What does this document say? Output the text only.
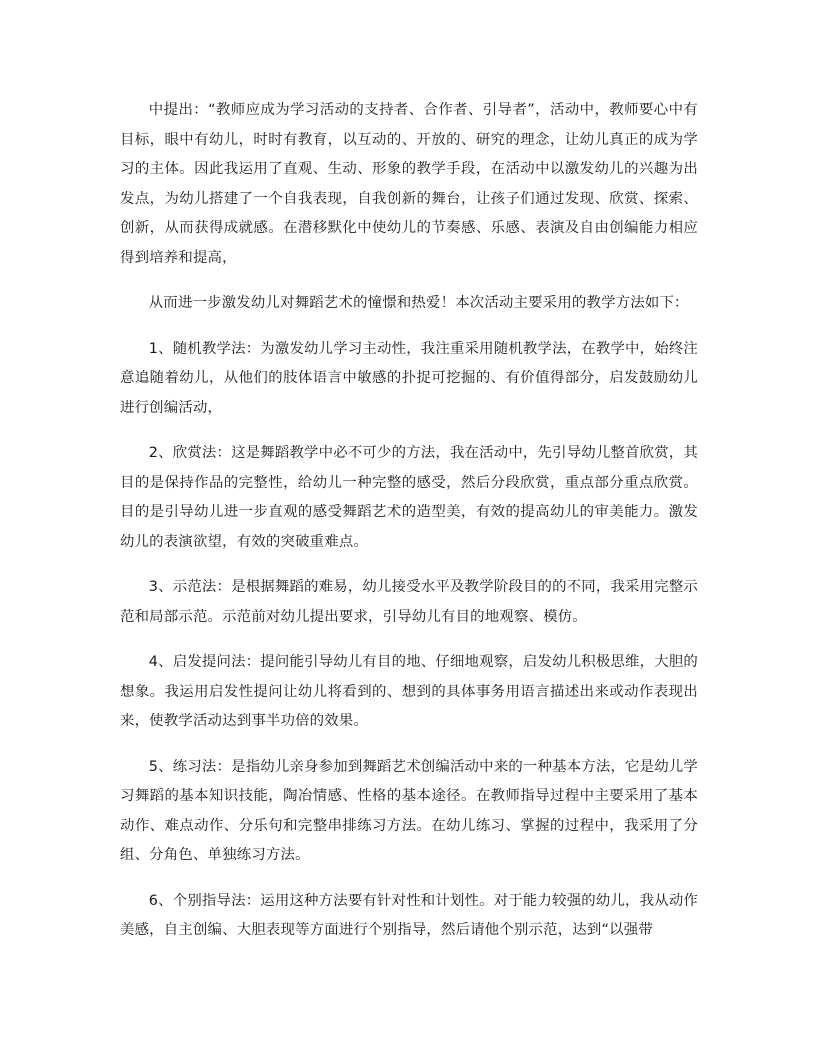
中提出：“教师应成为学习活动的支持者、合作者、引导者”，活动中，教师要心中有目标，眼中有幼儿，时时有教育，以互动的、开放的、研究的理念，让幼儿真正的成为学习的主体。因此我运用了直观、生动、形象的教学手段，在活动中以激发幼儿的兴趣为出发点，为幼儿搭建了一个自我表现，自我创新的舞台，让孩子们通过发现、欣赏、探索、创新，从而获得成就感。在潜移默化中使幼儿的节奏感、乐感、表演及自由创编能力相应得到培养和提高，

从而进一步激发幼儿对舞蹈艺术的憧憬和热爱！本次活动主要采用的教学方法如下：

1、随机教学法：为激发幼儿学习主动性，我注重采用随机教学法，在教学中，始终注意追随着幼儿，从他们的肢体语言中敏感的扑捉可挖掘的、有价值得部分，启发鼓励幼儿进行创编活动，

2、欣赏法：这是舞蹈教学中必不可少的方法，我在活动中，先引导幼儿整首欣赏，其目的是保持作品的完整性，给幼儿一种完整的感受，然后分段欣赏，重点部分重点欣赏。目的是引导幼儿进一步直观的感受舞蹈艺术的造型美，有效的提高幼儿的审美能力。激发幼儿的表演欲望，有效的突破重难点。

3、示范法：是根据舞蹈的难易，幼儿接受水平及教学阶段目的的不同，我采用完整示范和局部示范。示范前对幼儿提出要求，引导幼儿有目的地观察、模仿。

4、启发提问法：提问能引导幼儿有目的地、仔细地观察，启发幼儿积极思维，大胆的想象。我运用启发性提问让幼儿将看到的、想到的具体事务用语言描述出来或动作表现出来，使教学活动达到事半功倍的效果。

5、练习法：是指幼儿亲身参加到舞蹈艺术创编活动中来的一种基本方法，它是幼儿学习舞蹈的基本知识技能，陶冶情感、性格的基本途径。在教师指导过程中主要采用了基本动作、难点动作、分乐句和完整串排练习方法。在幼儿练习、掌握的过程中，我采用了分组、分角色、单独练习方法。

6、个别指导法：运用这种方法要有针对性和计划性。对于能力较强的幼儿，我从动作美感，自主创编、大胆表现等方面进行个别指导，然后请他个别示范，达到“以强带
